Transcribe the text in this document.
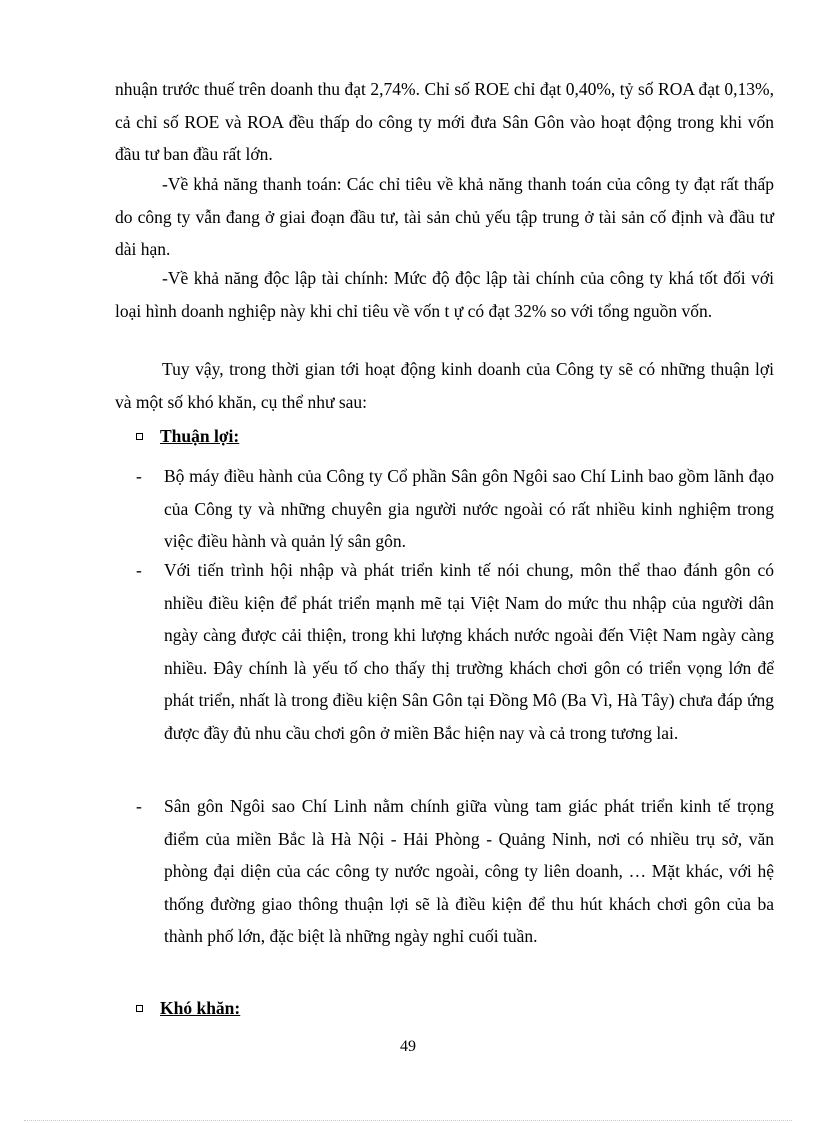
nhuận trước thuế trên doanh thu đạt 2,74%. Chỉ số ROE chỉ đạt 0,40%, tỷ số ROA đạt 0,13%, cả chỉ số ROE và ROA đều thấp do công ty mới đưa Sân Gôn vào hoạt động trong khi vốn đầu tư ban đầu rất lớn.
-Về khả năng thanh toán: Các chỉ tiêu về khả năng thanh toán của công ty đạt rất thấp do công ty vẫn đang ở giai đoạn đầu tư, tài sản chủ yếu tập trung ở tài sản cố định và đầu tư dài hạn.
-Về khả năng độc lập tài chính: Mức độ độc lập tài chính của công ty khá tốt đối với loại hình doanh nghiệp này khi chỉ tiêu về vốn t ự có đạt 32% so với tổng nguồn vốn.
Tuy vậy, trong thời gian tới hoạt động kinh doanh của Công ty sẽ có những thuận lợi và một số khó khăn, cụ thể như sau:
Thuận lợi:
- Bộ máy điều hành của Công ty Cổ phần Sân gôn Ngôi sao Chí Linh bao gồm lãnh đạo của Công ty và những chuyên gia người nước ngoài có rất nhiều kinh nghiệm trong việc điều hành và quản lý sân gôn.
- Với tiến trình hội nhập và phát triển kinh tế nói chung, môn thể thao đánh gôn có nhiều điều kiện để phát triển mạnh mẽ tại Việt Nam do mức thu nhập của người dân ngày càng được cải thiện, trong khi lượng khách nước ngoài đến Việt Nam ngày càng nhiều. Đây chính là yếu tố cho thấy thị trường khách chơi gôn có triển vọng lớn để phát triển, nhất là trong điều kiện Sân Gôn tại Đồng Mô (Ba Vì, Hà Tây) chưa đáp ứng được đầy đủ nhu cầu chơi gôn ở miền Bắc hiện nay và cả trong tương lai.
- Sân gôn Ngôi sao Chí Linh nằm chính giữa vùng tam giác phát triển kinh tế trọng điểm của miền Bắc là Hà Nội - Hải Phòng - Quảng Ninh, nơi có nhiều trụ sở, văn phòng đại diện của các công ty nước ngoài, công ty liên doanh, … Mặt khác, với hệ thống đường giao thông thuận lợi sẽ là điều kiện để thu hút khách chơi gôn của ba thành phố lớn, đặc biệt là những ngày nghỉ cuối tuần.
Khó khăn:
49
